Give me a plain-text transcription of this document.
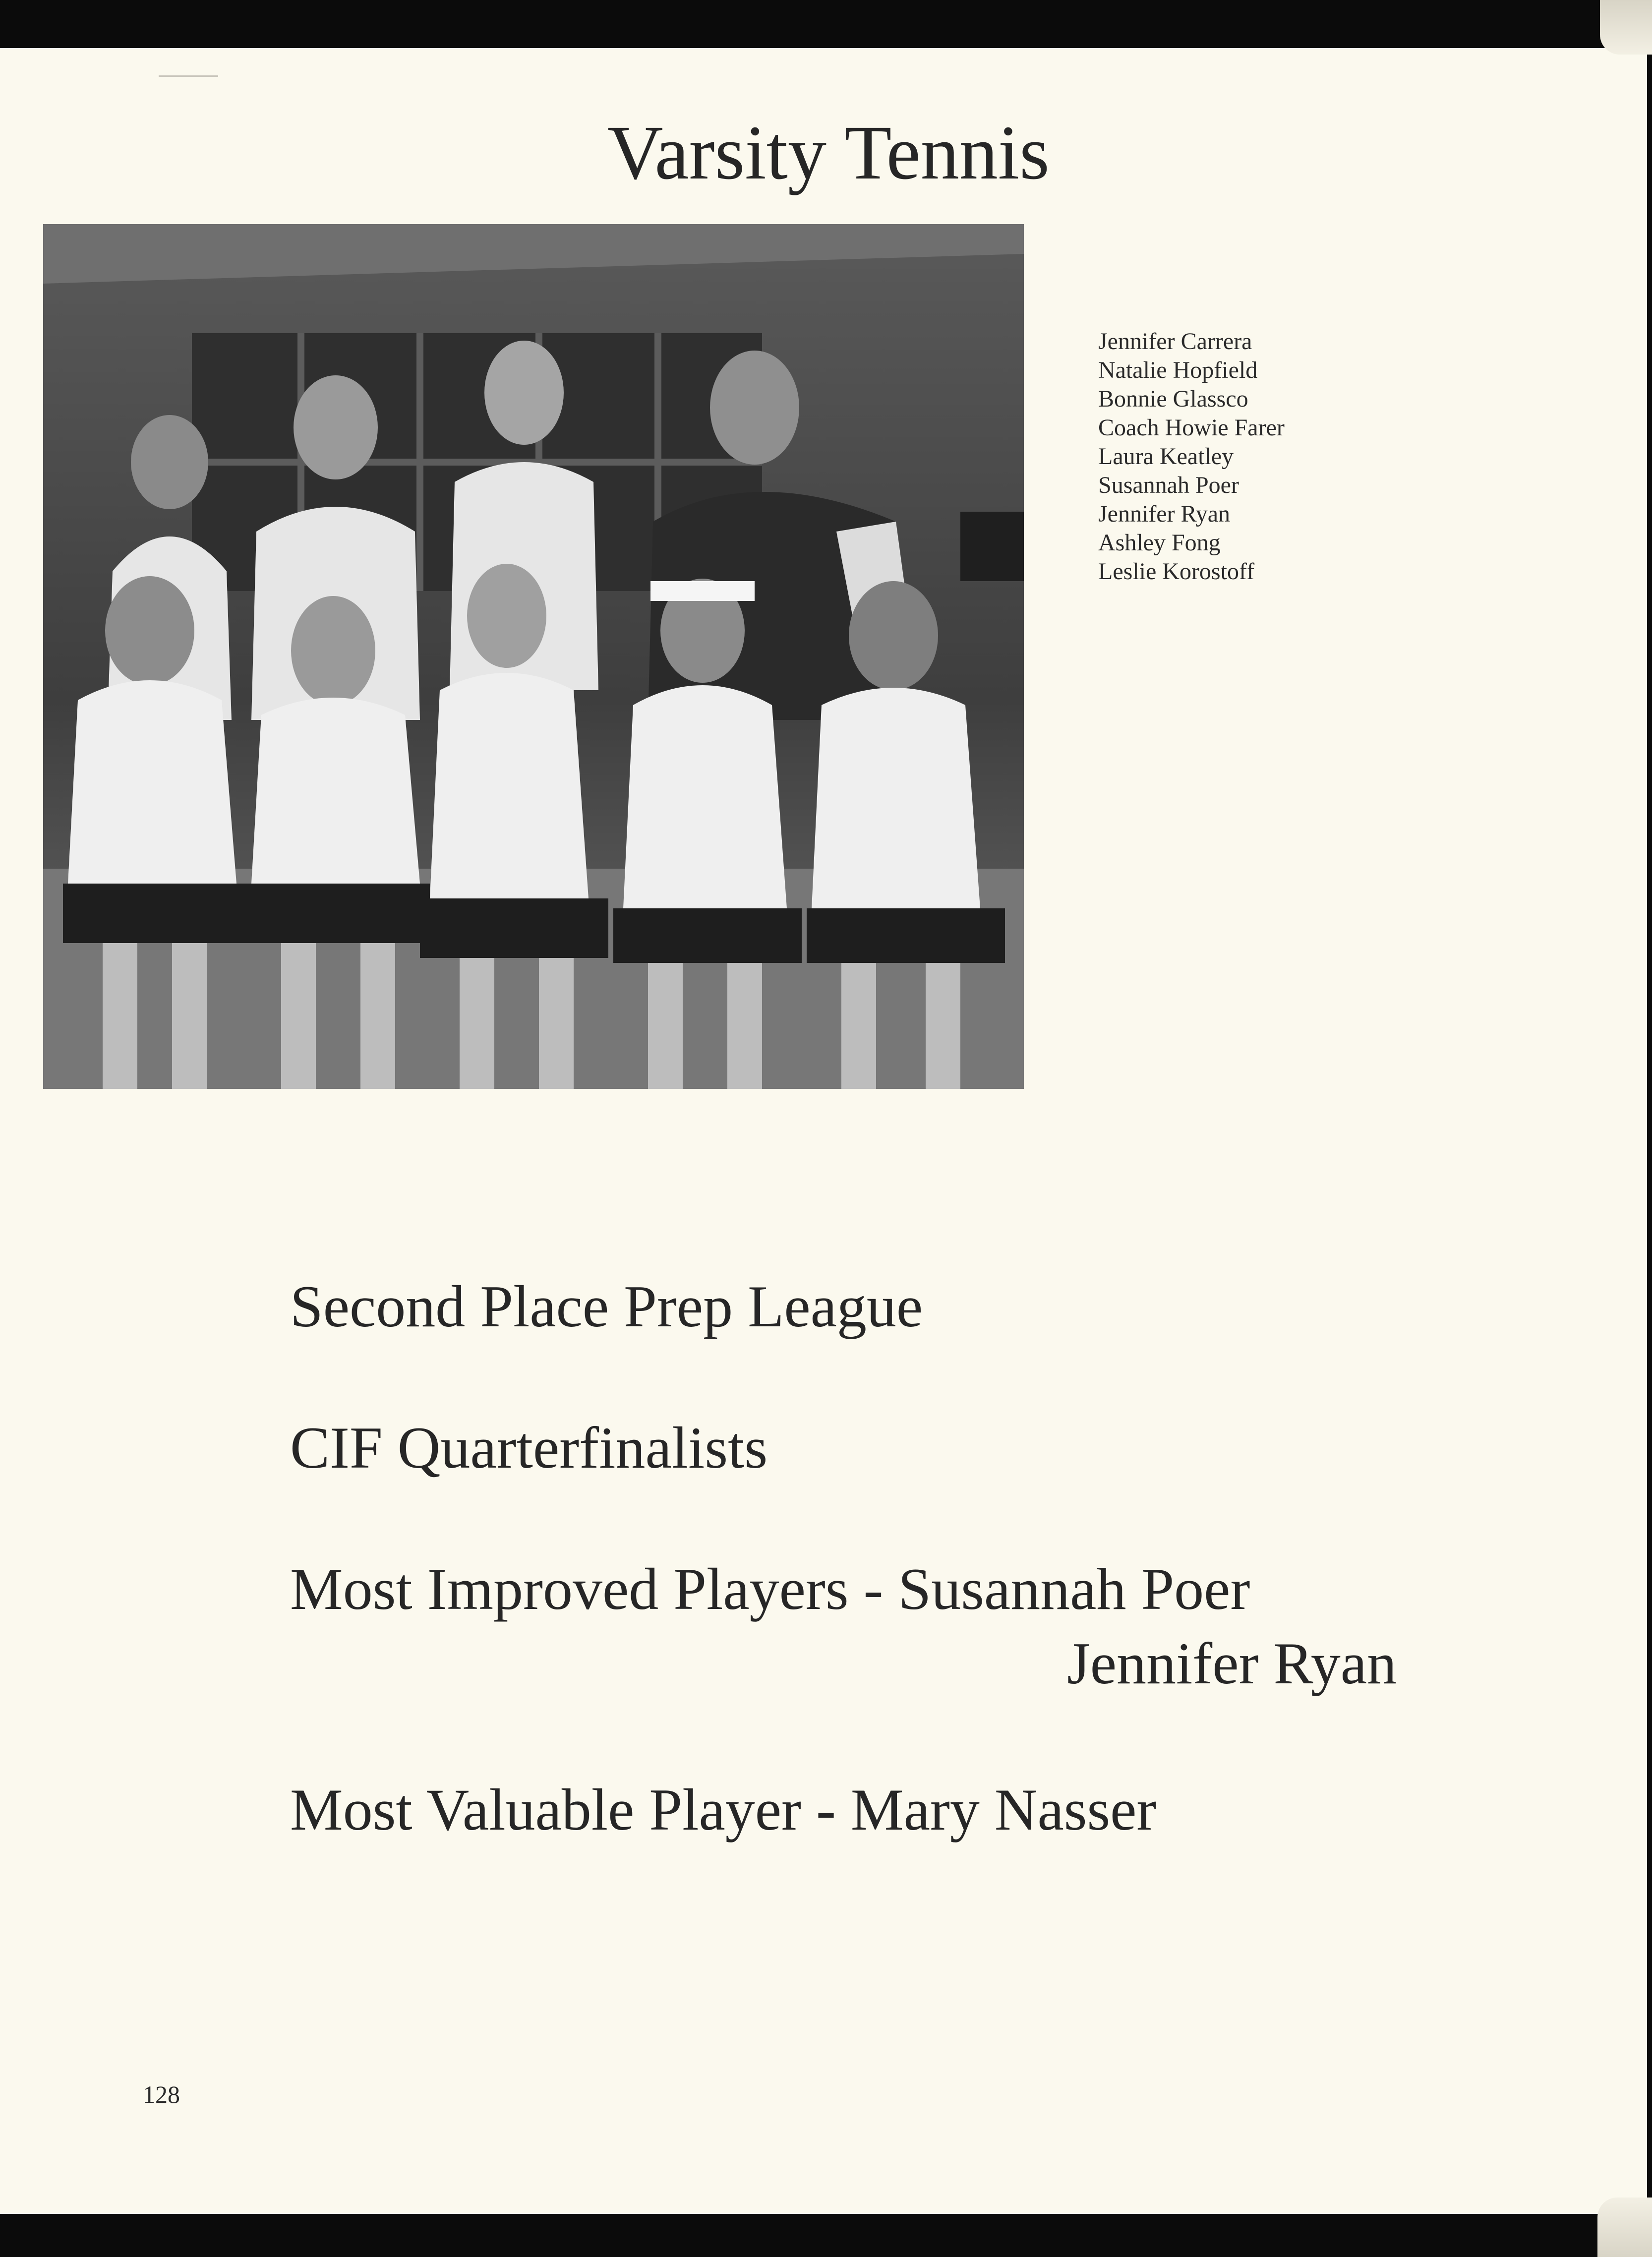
Varsity Tennis
Jennifer Carrera
Natalie Hopfield
Bonnie Glassco
Coach Howie Farer
Laura Keatley
Susannah Poer
Jennifer Ryan
Ashley Fong
Leslie Korostoff
Second Place Prep League
CIF Quarterfinalists
Most Improved Players - Susannah Poer
Jennifer Ryan
Most Valuable Player - Mary Nasser
128
